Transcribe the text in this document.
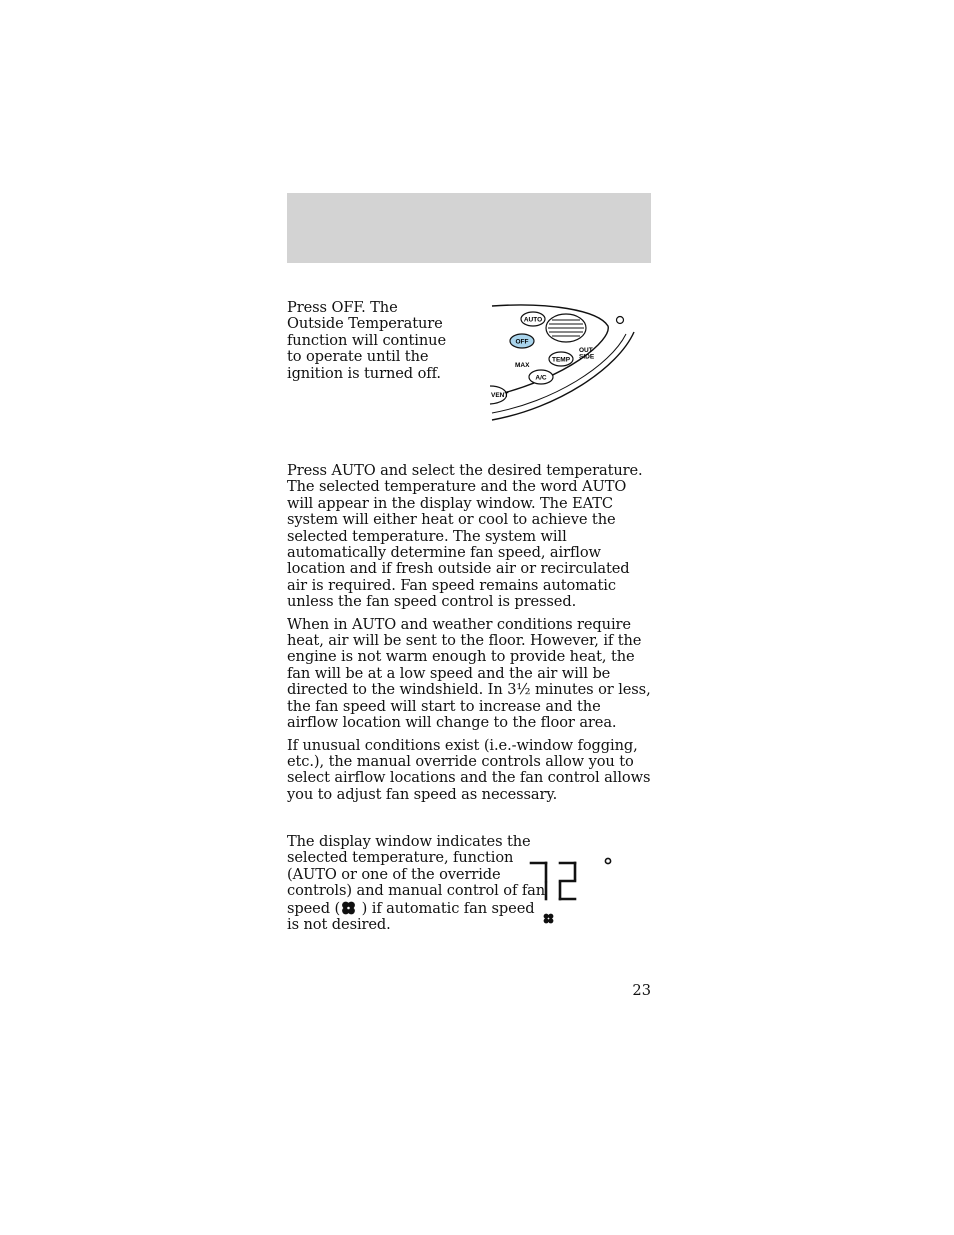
Press OFF. The Outside Temperature function will continue to operate until the ignition is turned off.

AUTO
OFF
TEMP
OUT
SIDE
MAX
A/C
VENT

Press AUTO and select the desired temperature. The selected temperature and the word AUTO will appear in the display window. The EATC system will either heat or cool to achieve the selected temperature. The system will automatically determine fan speed, airflow location and if fresh outside air or recirculated air is required. Fan speed remains automatic unless the fan speed control is pressed.

When in AUTO and weather conditions require heat, air will be sent to the floor. However, if the engine is not warm enough to provide heat, the fan will be at a low speed and the air will be directed to the windshield. In 3½ minutes or less, the fan speed will start to increase and the airflow location will change to the floor area.

If unusual conditions exist (i.e.-window fogging, etc.), the manual override controls allow you to select airflow locations and the fan control allows you to adjust fan speed as necessary.

The display window indicates the selected temperature, function (AUTO or one of the override controls) and manual control of fan speed ( ) if automatic fan speed is not desired.

23
